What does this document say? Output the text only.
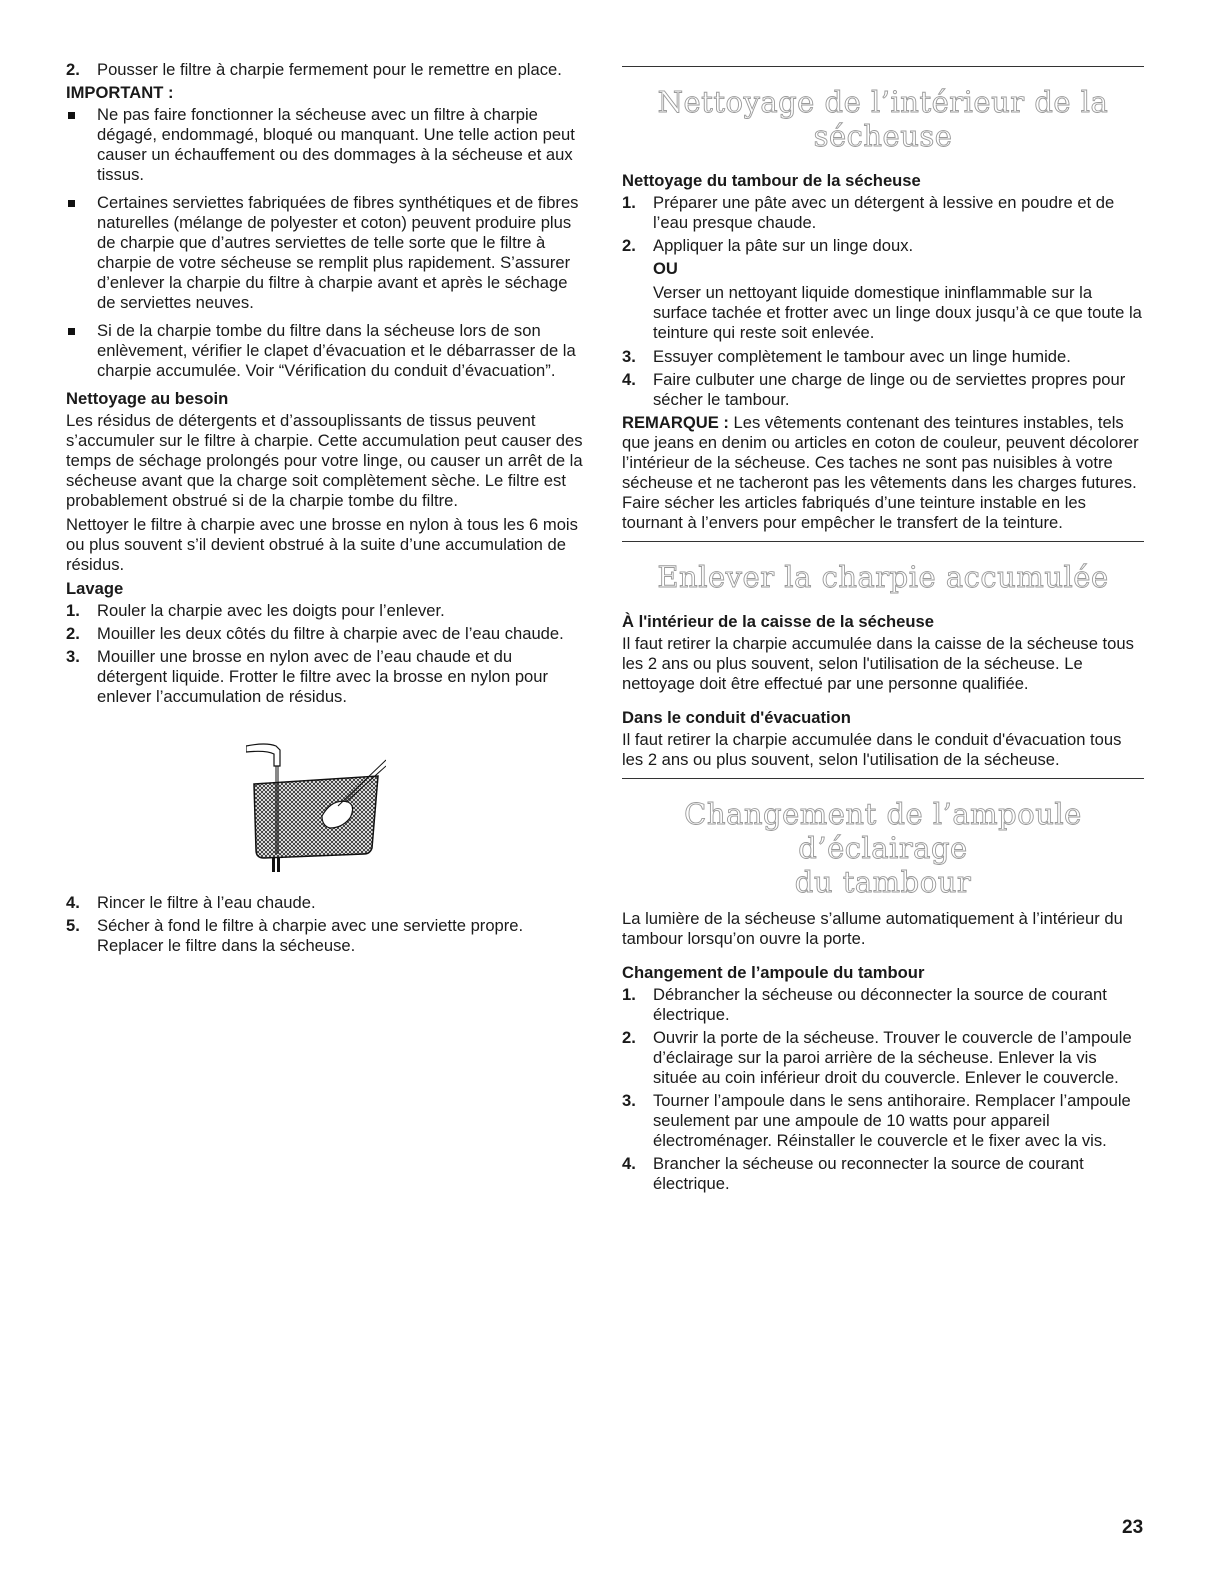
2. Pousser le filtre à charpie fermement pour le remettre en place.
IMPORTANT :
Ne pas faire fonctionner la sécheuse avec un filtre à charpie dégagé, endommagé, bloqué ou manquant. Une telle action peut causer un échauffement ou des dommages à la sécheuse et aux tissus.
Certaines serviettes fabriquées de fibres synthétiques et de fibres naturelles (mélange de polyester et coton) peuvent produire plus de charpie que d’autres serviettes de telle sorte que le filtre à charpie de votre sécheuse se remplit plus rapidement. S’assurer d’enlever la charpie du filtre à charpie avant et après le séchage de serviettes neuves.
Si de la charpie tombe du filtre dans la sécheuse lors de son enlèvement, vérifier le clapet d’évacuation et le débarrasser de la charpie accumulée. Voir “Vérification du conduit d’évacuation”.
Nettoyage au besoin

Les résidus de détergents et d’assouplissants de tissus peuvent s’accumuler sur le filtre à charpie. Cette accumulation peut causer des temps de séchage prolongés pour votre linge, ou causer un arrêt de la sécheuse avant que la charge soit complètement sèche. Le filtre est probablement obstrué si de la charpie tombe du filtre.

Nettoyer le filtre à charpie avec une brosse en nylon à tous les 6 mois ou plus souvent s’il devient obstrué à la suite d’une accumulation de résidus.

Lavage
1. Rouler la charpie avec les doigts pour l’enlever.
2. Mouiller les deux côtés du filtre à charpie avec de l’eau chaude.
3. Mouiller une brosse en nylon avec de l’eau chaude et du détergent liquide. Frotter le filtre avec la brosse en nylon pour enlever l’accumulation de résidus.
4. Rincer le filtre à l’eau chaude.
5. Sécher à fond le filtre à charpie avec une serviette propre. Replacer le filtre dans la sécheuse.
Nettoyage de l’intérieur de la sécheuse
Nettoyage du tambour de la sécheuse
1. Préparer une pâte avec un détergent à lessive en poudre et de l’eau presque chaude.
2. Appliquer la pâte sur un linge doux.
OU
Verser un nettoyant liquide domestique ininflammable sur la surface tachée et frotter avec un linge doux jusqu’à ce que toute la teinture qui reste soit enlevée.
3. Essuyer complètement le tambour avec un linge humide.
4. Faire culbuter une charge de linge ou de serviettes propres pour sécher le tambour.

REMARQUE : Les vêtements contenant des teintures instables, tels que jeans en denim ou articles en coton de couleur, peuvent décolorer l’intérieur de la sécheuse. Ces taches ne sont pas nuisibles à votre sécheuse et ne tacheront pas les vêtements dans les charges futures. Faire sécher les articles fabriqués d’une teinture instable en les tournant à l’envers pour empêcher le transfert de la teinture.

Enlever la charpie accumulée
À l'intérieur de la caisse de la sécheuse

Il faut retirer la charpie accumulée dans la caisse de la sécheuse tous les 2 ans ou plus souvent, selon l'utilisation de la sécheuse. Le nettoyage doit être effectué par une personne qualifiée.

Dans le conduit d'évacuation

Il faut retirer la charpie accumulée dans le conduit d'évacuation tous les 2 ans ou plus souvent, selon l'utilisation de la sécheuse.

Changement de l’ampoule d’éclairage
du tambour

La lumière de la sécheuse s’allume automatiquement à l’intérieur du tambour lorsqu’on ouvre la porte.

Changement de l’ampoule du tambour
1. Débrancher la sécheuse ou déconnecter la source de courant électrique.
2. Ouvrir la porte de la sécheuse. Trouver le couvercle de l’ampoule d’éclairage sur la paroi arrière de la sécheuse. Enlever la vis située au coin inférieur droit du couvercle. Enlever le couvercle.
3. Tourner l’ampoule dans le sens antihoraire. Remplacer l’ampoule seulement par une ampoule de 10 watts pour appareil électroménager. Réinstaller le couvercle et le fixer avec la vis.
4. Brancher la sécheuse ou reconnecter la source de courant électrique.
23
